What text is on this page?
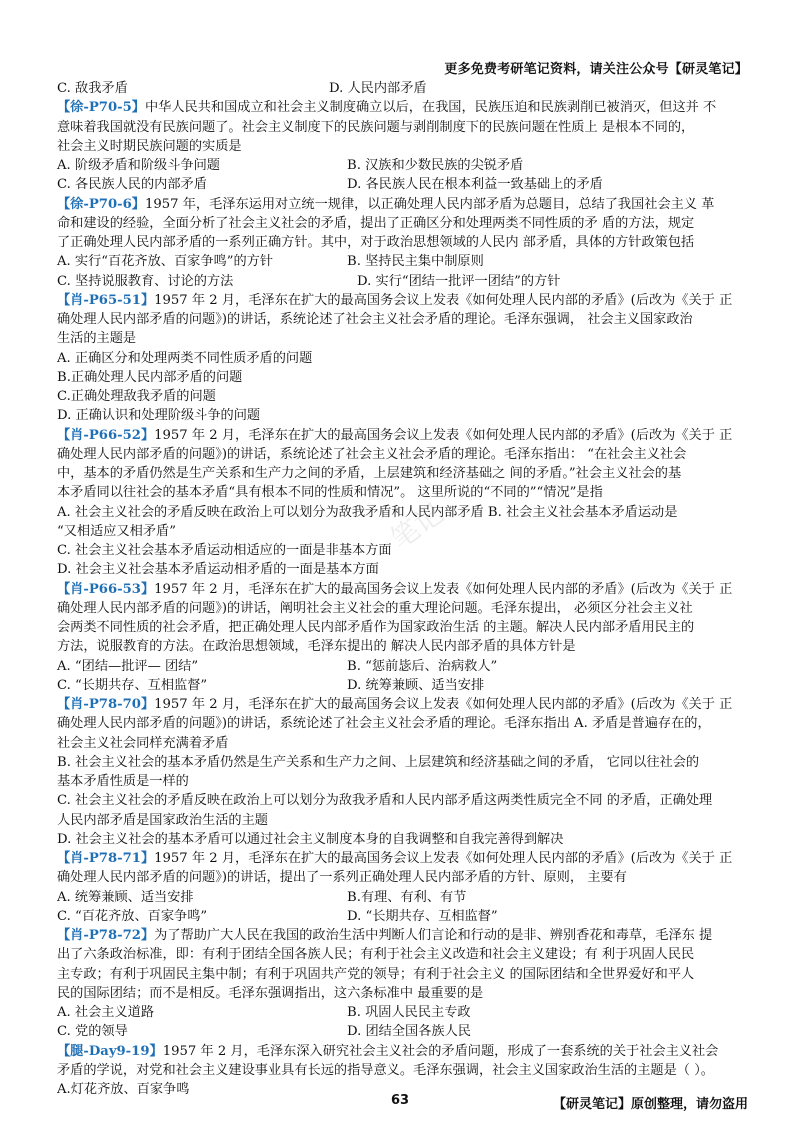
更多免费考研笔记资料，请关注公众号【研灵笔记】
笔记
C. 敌我矛盾	D. 人民内部矛盾
【徐-P70-5】中华人民共和国成立和社会主义制度确立以后，在我国，民族压迫和民族剥削已被消灭，但这并 不
意味着我国就没有民族问题了。社会主义制度下的民族问题与剥削制度下的民族问题在性质上 是根本不同的，
社会主义时期民族问题的实质是
A. 阶级矛盾和阶级斗争问题	B. 汉族和少数民族的尖锐矛盾
C. 各民族人民的内部矛盾	D. 各民族人民在根本利益一致基础上的矛盾
【徐-P70-6】1957 年，毛泽东运用对立统一规律，以正确处理人民内部矛盾为总题目，总结了我国社会主义 革
命和建设的经验，全面分析了社会主义社会的矛盾，提出了正确区分和处理两类不同性质的矛 盾的方法，规定
了正确处理人民内部矛盾的一系列正确方针。其中，对于政治思想领域的人民内 部矛盾，具体的方针政策包括
A. 实行“百花齐放、百家争鸣”的方针	B. 坚持民主集中制原则
C. 坚持说服教育、讨论的方法	D. 实行“团结一批评一团结”的方针
【肖-P65-51】1957 年 2 月，毛泽东在扩大的最高国务会议上发表《如何处理人民内部的矛盾》(后改为《关于 正
确处理人民内部矛盾的问题》)的讲话，系统论述了社会主义社会矛盾的理论。毛泽东强调， 社会主义国家政治
生活的主题是
A. 正确区分和处理两类不同性质矛盾的问题
B.正确处理人民内部矛盾的问题
C.正确处理敌我矛盾的问题
D. 正确认识和处理阶级斗争的问题
【肖-P66-52】1957 年 2 月，毛泽东在扩大的最高国务会议上发表《如何处理人民内部的矛盾》(后改为《关于 正
确处理人民内部矛盾的问题》)的讲话，系统论述了社会主义社会矛盾的理论。毛泽东指出： “在社会主义社会
中，基本的矛盾仍然是生产关系和生产力之间的矛盾，上层建筑和经济基础之 间的矛盾。”社会主义社会的基
本矛盾同以往社会的基本矛盾“具有根本不同的性质和情况”。 这里所说的“不同的”“情况”是指
A. 社会主义社会的矛盾反映在政治上可以划分为敌我矛盾和人民内部矛盾 B. 社会主义社会基本矛盾运动是
“又相适应又相矛盾”
C. 社会主义社会基本矛盾运动相适应的一面是非基本方面
D. 社会主义社会基本矛盾运动相矛盾的一面是基本方面
【肖-P66-53】1957 年 2 月，毛泽东在扩大的最高国务会议上发表《如何处理人民内部的矛盾》(后改为《关于 正
确处理人民内部矛盾的问题》)的讲话，阐明社会主义社会的重大理论问题。毛泽东提出， 必须区分社会主义社
会两类不同性质的社会矛盾，把正确处理人民内部矛盾作为国家政治生活 的主题。解决人民内部矛盾用民主的
方法，说服教育的方法。在政治思想领域，毛泽东提出的 解决人民内部矛盾的具体方针是
A. “团结—批评— 团结”	B. “惩前毖后、治病救人”
C. “长期共存、互相监督”	D. 统筹兼顾、适当安排
【肖-P78-70】1957 年 2 月，毛泽东在扩大的最高国务会议上发表《如何处理人民内部的矛盾》(后改为《关于 正
确处理人民内部矛盾的问题》)的讲话，系统论述了社会主义社会矛盾的理论。毛泽东指出 A. 矛盾是普遍存在的，
社会主义社会同样充满着矛盾
B. 社会主义社会的基本矛盾仍然是生产关系和生产力之间、上层建筑和经济基础之间的矛盾， 它同以往社会的
基本矛盾性质是一样的
C. 社会主义社会的矛盾反映在政治上可以划分为敌我矛盾和人民内部矛盾这两类性质完全不同 的矛盾，正确处理
人民内部矛盾是国家政治生活的主题
D. 社会主义社会的基本矛盾可以通过社会主义制度本身的自我调整和自我完善得到解决
【肖-P78-71】1957 年 2 月，毛泽东在扩大的最高国务会议上发表《如何处理人民内部的矛盾》(后改为《关于 正
确处理人民内部矛盾的问题》)的讲话，提出了一系列正确处理人民内部矛盾的方针、原则， 主要有
A. 统筹兼顾、适当安排	B.有理、有利、有节
C. “百花齐放、百家争鸣”	D. “长期共存、互相监督”
【肖-P78-72】为了帮助广大人民在我国的政治生活中判断人们言论和行动的是非、辨别香花和毒草，毛泽东 提
出了六条政治标准，即：有利于团结全国各族人民；有利于社会主义改造和社会主义建设；有 利于巩固人民民
主专政；有利于巩固民主集中制；有利于巩固共产党的领导；有利于社会主义 的国际团结和全世界爱好和平人
民的国际团结；而不是相反。毛泽东强调指出，这六条标准中 最重要的是
A. 社会主义道路	B. 巩固人民民主专政
C. 党的领导	D. 团结全国各族人民
【腿-Day9-19】1957 年 2 月，毛泽东深入研究社会主义社会的矛盾问题，形成了一套系统的关于社会主义社会
矛盾的学说，对党和社会主义建设事业具有长远的指导意义。毛泽东强调，社会主义国家政治生活的主题是（ ）。
A.灯花齐放、百家争鸣
63	【研灵笔记】原创整理，请勿盗用
